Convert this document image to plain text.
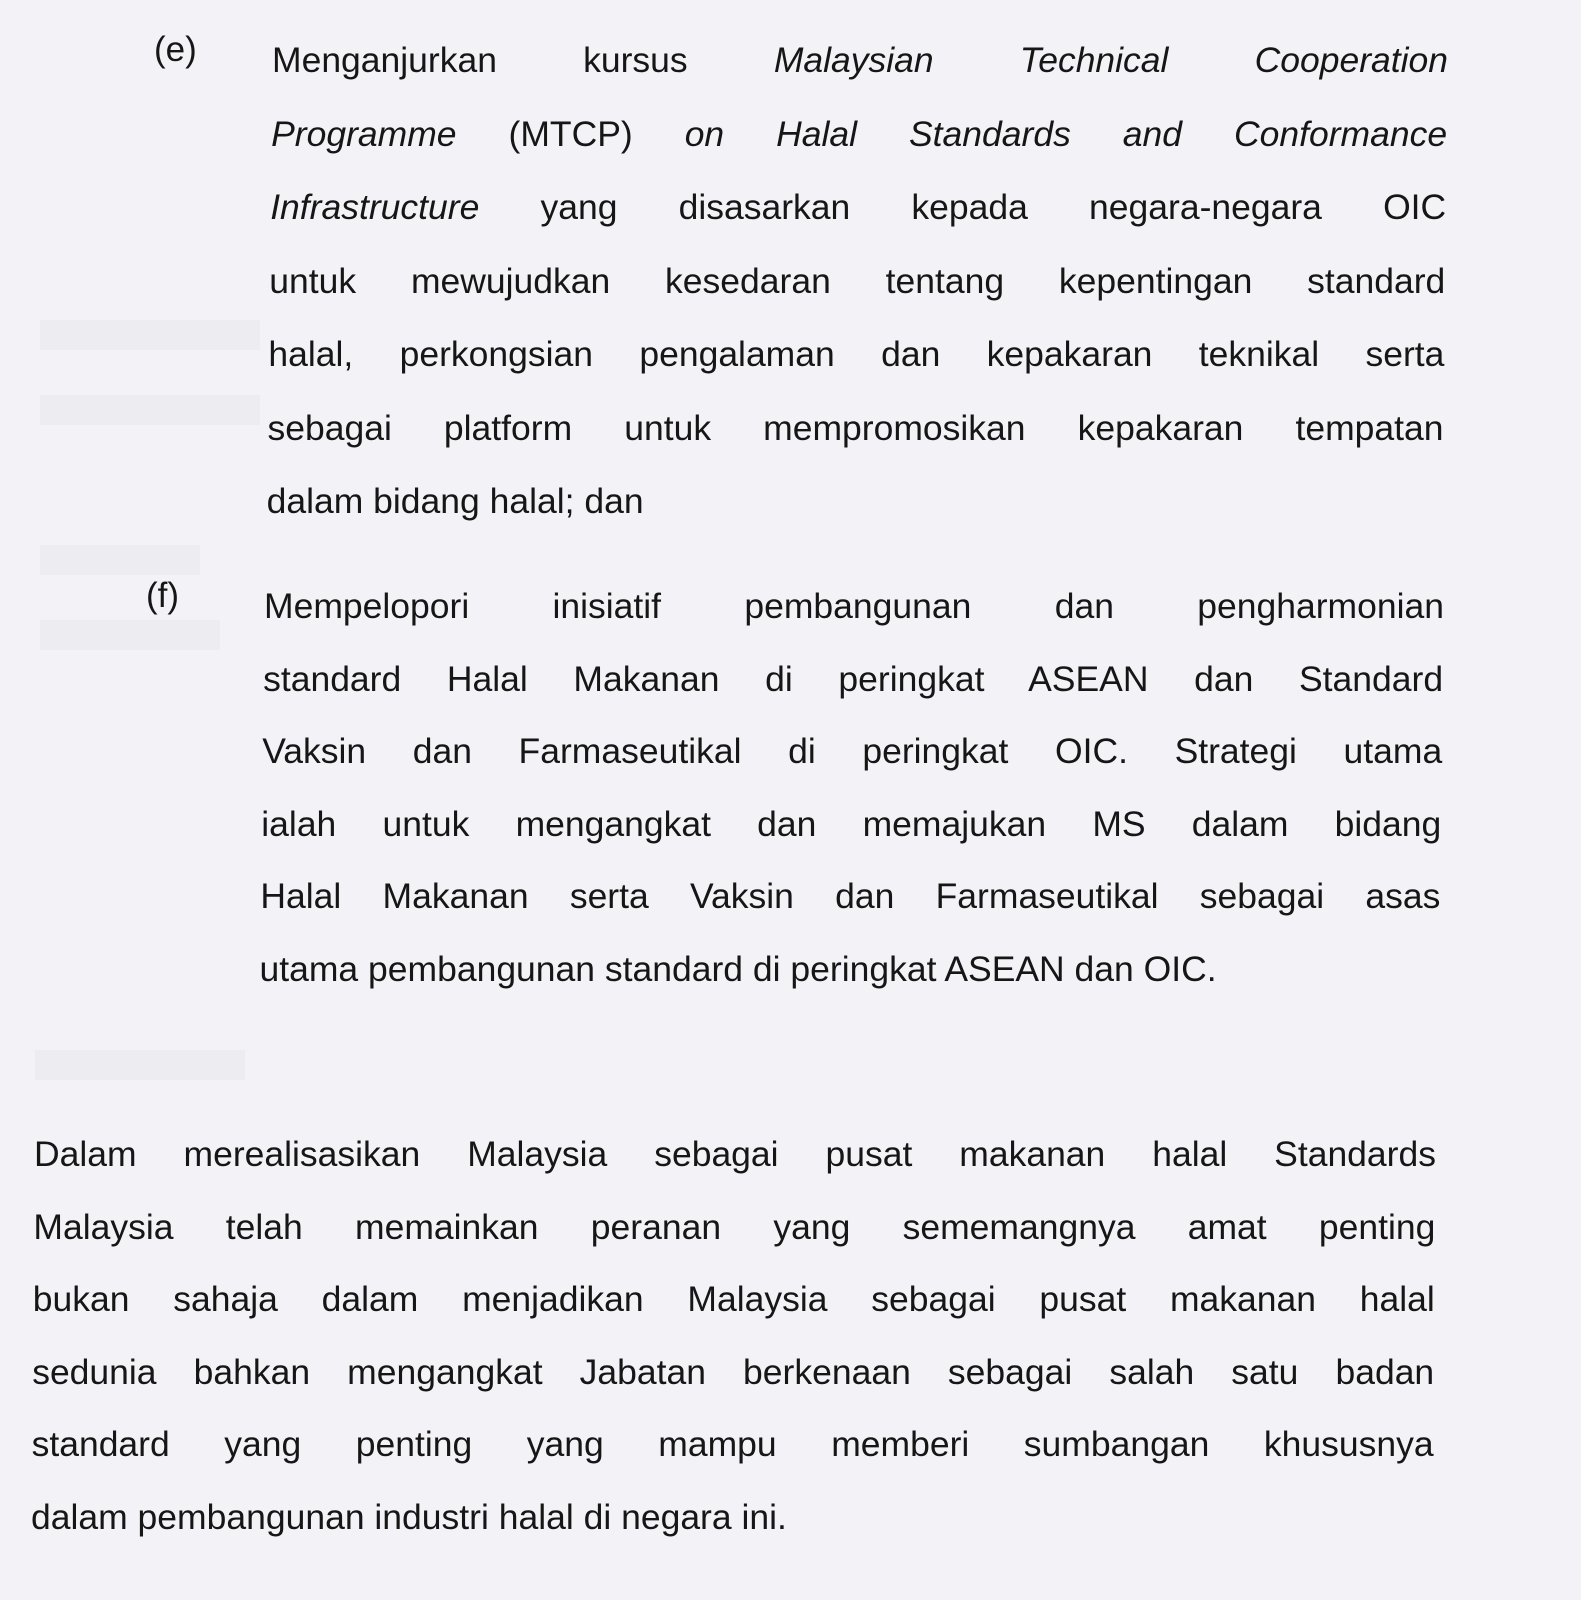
(e) Menganjurkan kursus Malaysian Technical Cooperation
Programme (MTCP) on Halal Standards and Conformance
Infrastructure yang disasarkan kepada negara-negara OIC
untuk mewujudkan kesedaran tentang kepentingan standard
halal, perkongsian pengalaman dan kepakaran teknikal serta
sebagai platform untuk mempromosikan kepakaran tempatan
dalam bidang halal; dan
(f) Mempelopori inisiatif pembangunan dan pengharmonian
standard Halal Makanan di peringkat ASEAN dan Standard
Vaksin dan Farmaseutikal di peringkat OIC. Strategi utama
ialah untuk mengangkat dan memajukan MS dalam bidang
Halal Makanan serta Vaksin dan Farmaseutikal sebagai asas
utama pembangunan standard di peringkat ASEAN dan OIC.
Dalam merealisasikan Malaysia sebagai pusat makanan halal Standards
Malaysia telah memainkan peranan yang sememangnya amat penting
bukan sahaja dalam menjadikan Malaysia sebagai pusat makanan halal
sedunia bahkan mengangkat Jabatan berkenaan sebagai salah satu badan
standard yang penting yang mampu memberi sumbangan khususnya
dalam pembangunan industri halal di negara ini.
